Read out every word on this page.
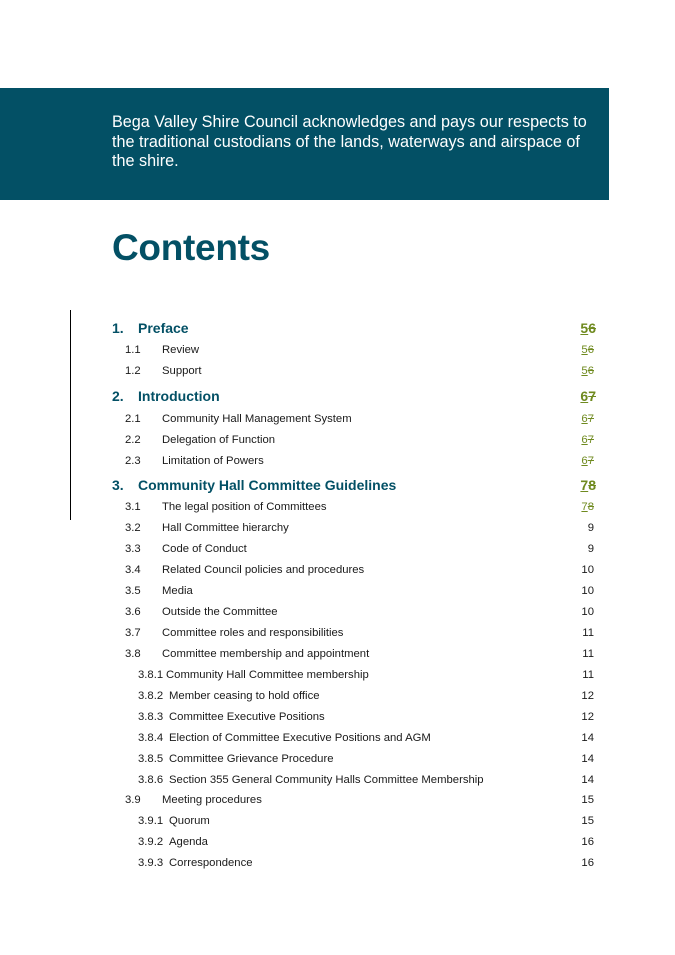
Bega Valley Shire Council acknowledges and pays our respects to the traditional custodians of the lands, waterways and airspace of the shire.

Contents
1. Preface	56
1.1 Review	56
1.2 Support	56
2. Introduction	67
2.1 Community Hall Management System	67
2.2 Delegation of Function	67
2.3 Limitation of Powers	67
3. Community Hall Committee Guidelines	78
3.1 The legal position of Committees	78
3.2 Hall Committee hierarchy	9
3.3 Code of Conduct	9
3.4 Related Council policies and procedures	10
3.5 Media	10
3.6 Outside the Committee	10
3.7 Committee roles and responsibilities	11
3.8 Committee membership and appointment	11
3.8.1 Community Hall Committee membership	11
3.8.2 Member ceasing to hold office	12
3.8.3 Committee Executive Positions	12
3.8.4 Election of Committee Executive Positions and AGM	14
3.8.5 Committee Grievance Procedure	14
3.8.6 Section 355 General Community Halls Committee Membership	14
3.9 Meeting procedures	15
3.9.1 Quorum	15
3.9.2 Agenda	16
3.9.3 Correspondence	16
